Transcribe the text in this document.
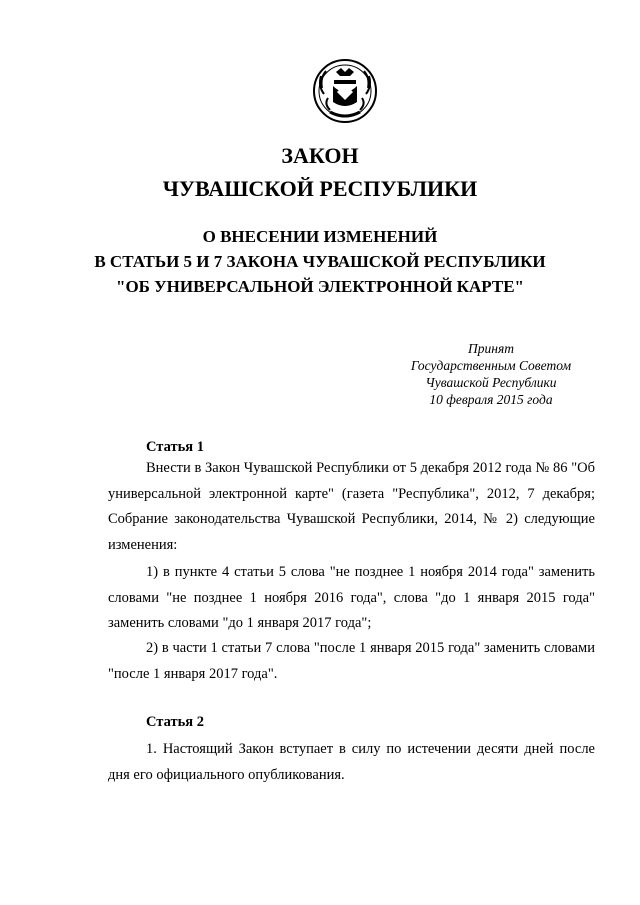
ЗАКОН
ЧУВАШСКОЙ РЕСПУБЛИКИ
О ВНЕСЕНИИ ИЗМЕНЕНИЙ
В СТАТЬИ 5 И 7 ЗАКОНА ЧУВАШСКОЙ РЕСПУБЛИКИ
"ОБ УНИВЕРСАЛЬНОЙ ЭЛЕКТРОННОЙ КАРТЕ"
Принят
Государственным Советом
Чувашской Республики
10 февраля 2015 года
Статья 1
Внести в Закон Чувашской Республики от 5 декабря 2012 года № 86 "Об универсальной электронной карте" (газета "Республика", 2012, 7 декабря; Собрание законодательства Чувашской Республики, 2014, № 2) следующие изменения:
1) в пункте 4 статьи 5 слова "не позднее 1 ноября 2014 года" заменить словами "не позднее 1 ноября 2016 года", слова "до 1 января 2015 года" заменить словами "до 1 января 2017 года";
2) в части 1 статьи 7 слова "после 1 января 2015 года" заменить словами "после 1 января 2017 года".
Статья 2
1. Настоящий Закон вступает в силу по истечении десяти дней после дня его официального опубликования.
